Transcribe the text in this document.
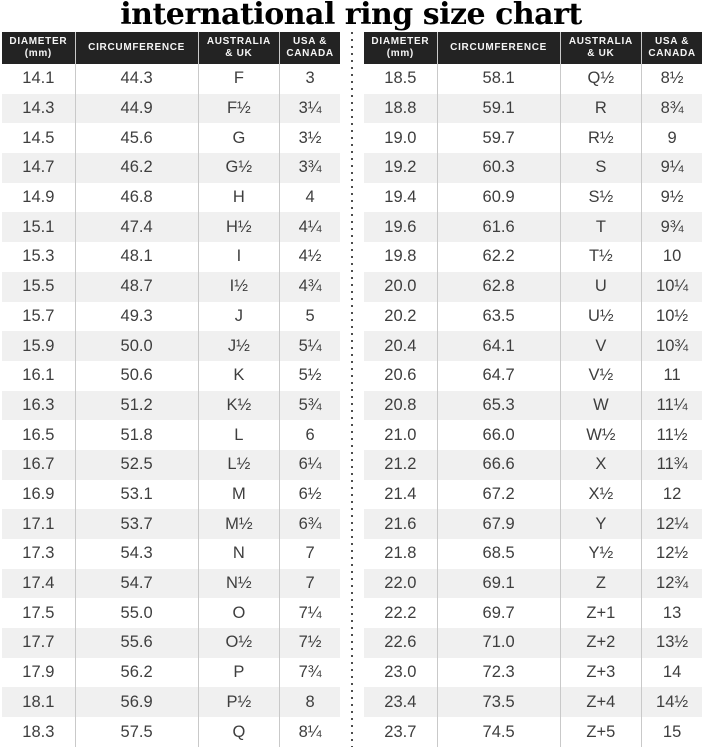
international ring size chart
DIAMETER
(mm)

CIRCUMFERENCE

AUSTRALIA
& UK

USA &
CANADA

14.1	44.3	F	3
14.3	44.9	F½	3¼
14.5	45.6	G	3½
14.7	46.2	G½	3¾
14.9	46.8	H	4
15.1	47.4	H½	4¼
15.3	48.1	I	4½
15.5	48.7	I½	4¾
15.7	49.3	J	5
15.9	50.0	J½	5¼
16.1	50.6	K	5½
16.3	51.2	K½	5¾
16.5	51.8	L	6
16.7	52.5	L½	6¼
16.9	53.1	M	6½
17.1	53.7	M½	6¾
17.3	54.3	N	7
17.4	54.7	N½	7
17.5	55.0	O	7¼
17.7	55.6	O½	7½
17.9	56.2	P	7¾
18.1	56.9	P½	8
18.3	57.5	Q	8¼
DIAMETER
(mm)

CIRCUMFERENCE

AUSTRALIA
& UK

USA &
CANADA

18.5	58.1	Q½	8½
18.8	59.1	R	8¾
19.0	59.7	R½	9
19.2	60.3	S	9¼
19.4	60.9	S½	9½
19.6	61.6	T	9¾
19.8	62.2	T½	10
20.0	62.8	U	10¼
20.2	63.5	U½	10½
20.4	64.1	V	10¾
20.6	64.7	V½	11
20.8	65.3	W	11¼
21.0	66.0	W½	11½
21.2	66.6	X	11¾
21.4	67.2	X½	12
21.6	67.9	Y	12¼
21.8	68.5	Y½	12½
22.0	69.1	Z	12¾
22.2	69.7	Z+1	13
22.6	71.0	Z+2	13½
23.0	72.3	Z+3	14
23.4	73.5	Z+4	14½
23.7	74.5	Z+5	15
